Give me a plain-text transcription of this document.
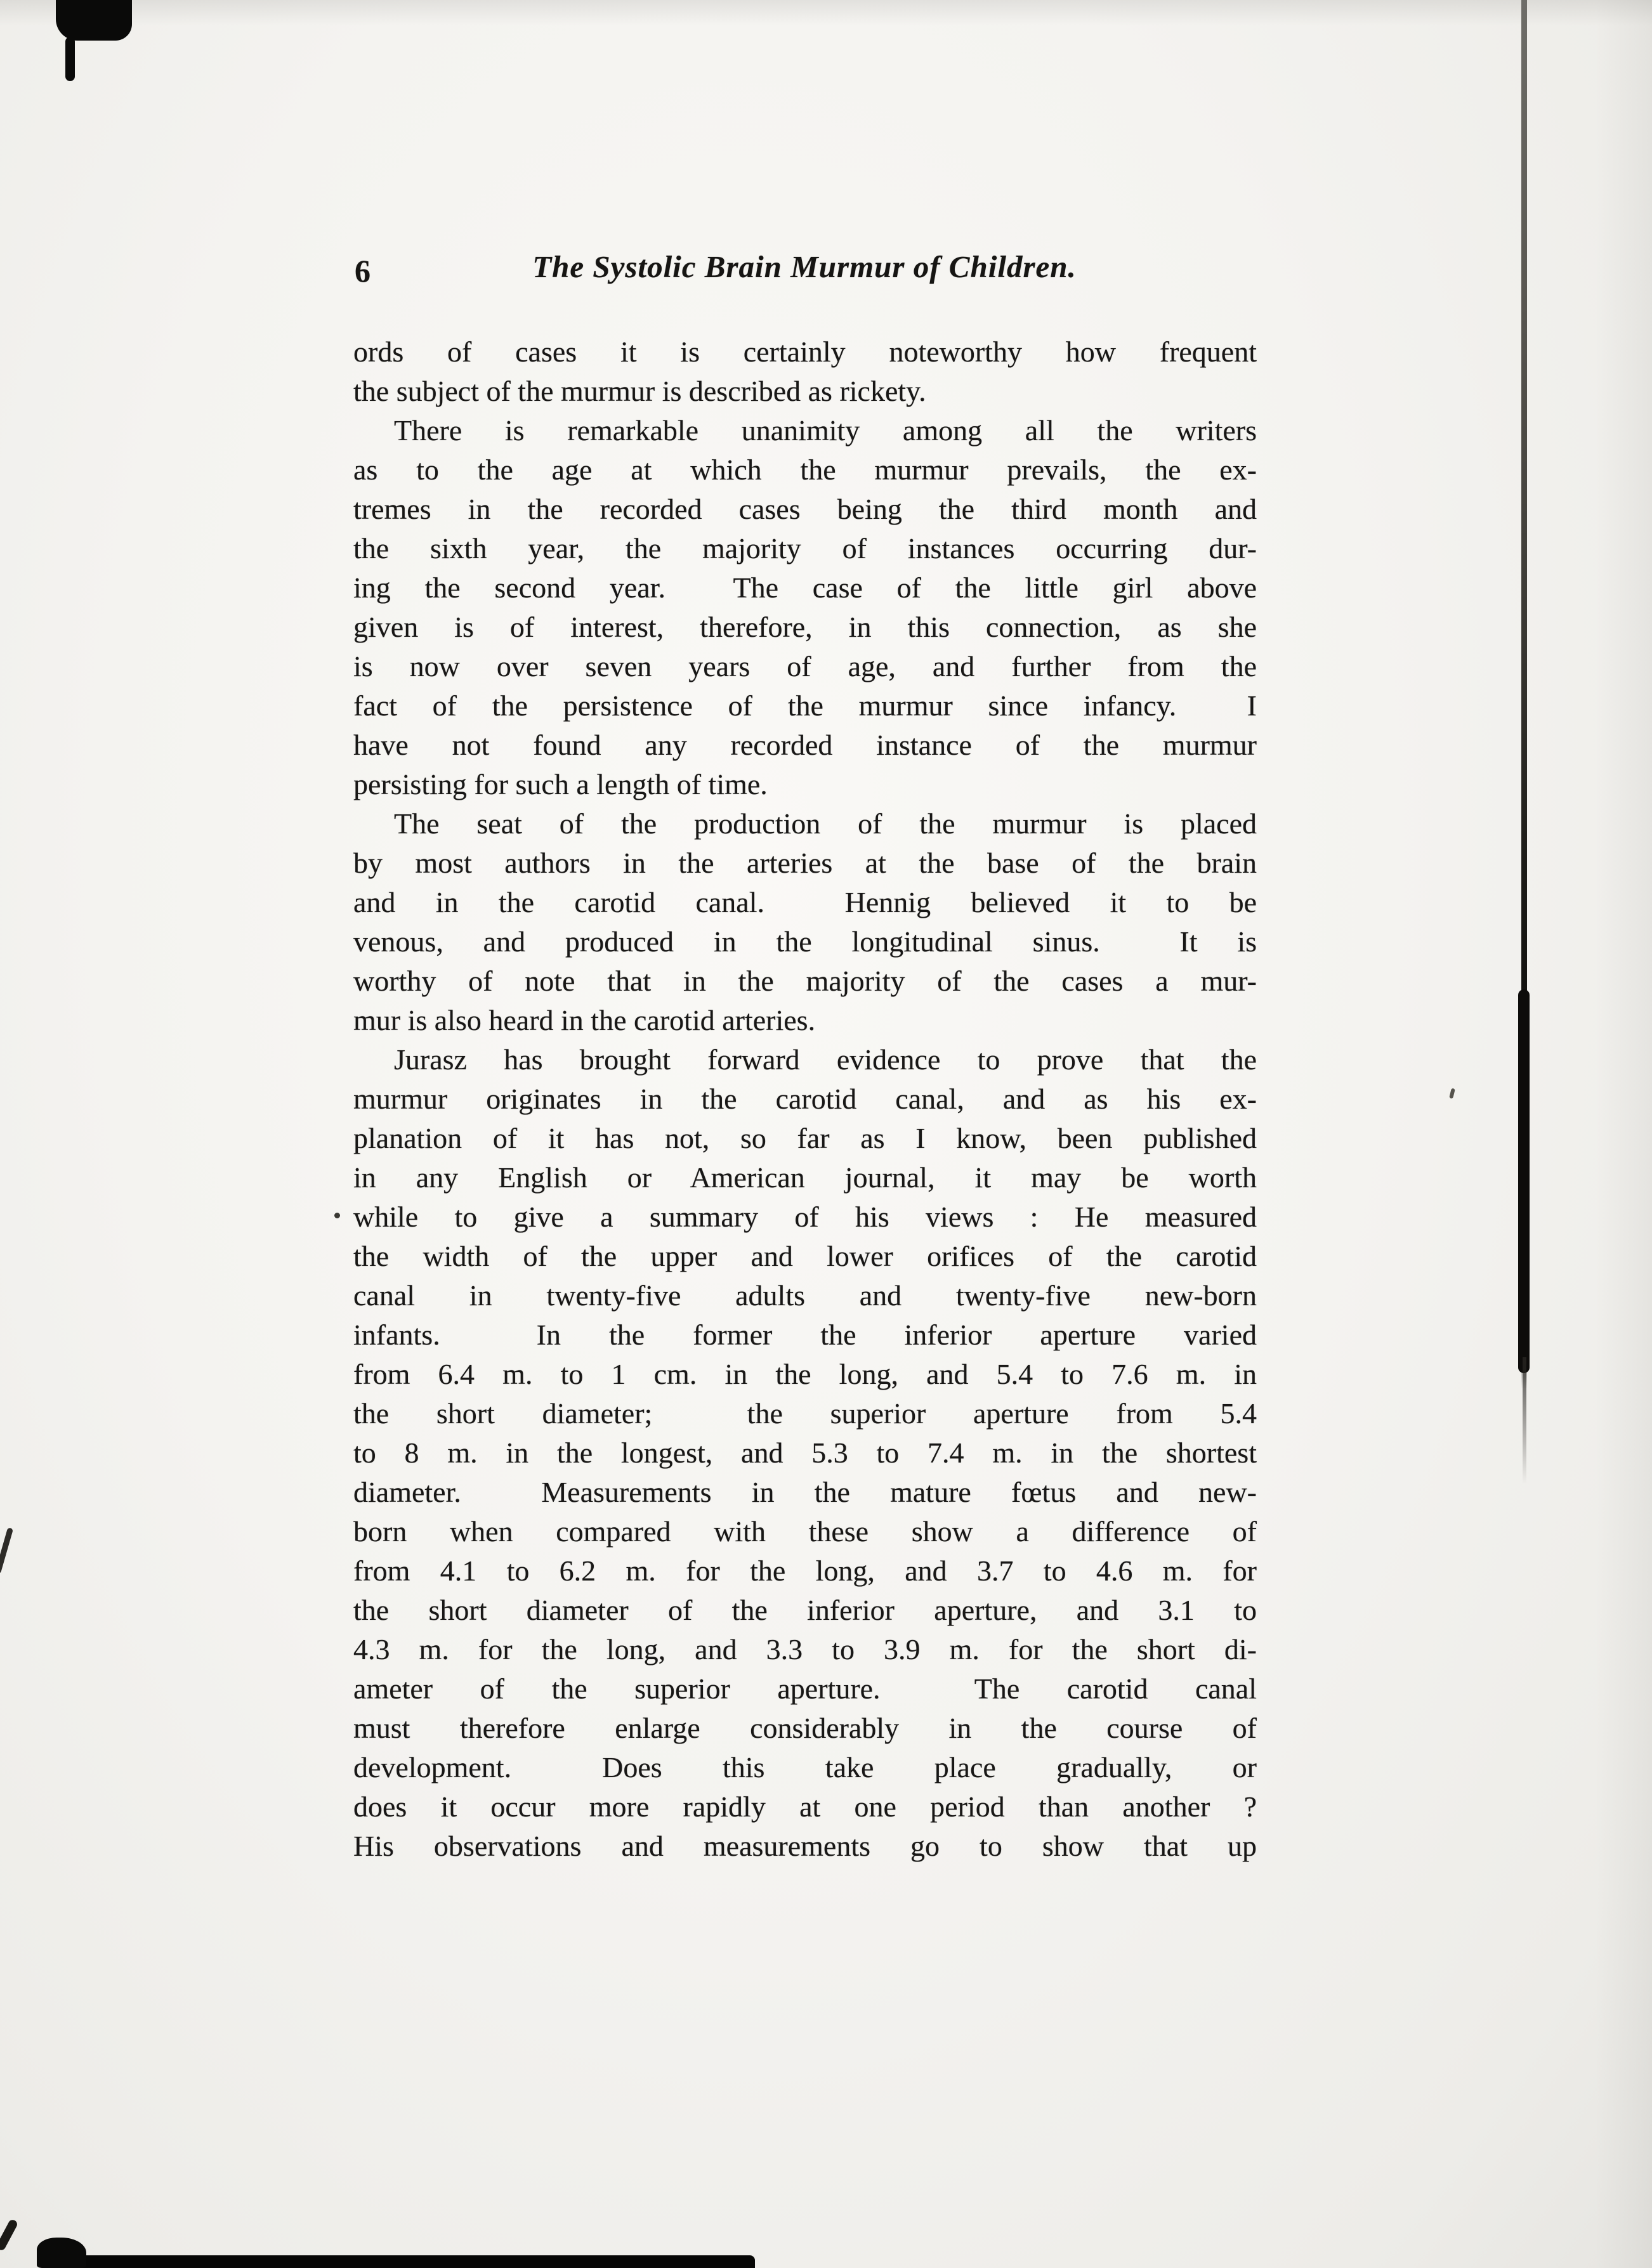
6	The Systolic Brain Murmur of Children.
ords of cases it is certainly noteworthy how frequent
the subject of the murmur is described as rickety.
There is remarkable unanimity among all the writers
as to the age at which the murmur prevails, the ex-
tremes in the recorded cases being the third month and
the sixth year, the majority of instances occurring dur-
ing the second year.  The case of the little girl above
given is of interest, therefore, in this connection, as she
is now over seven years of age, and further from the
fact of the persistence of the murmur since infancy.  I
have not found any recorded instance of the murmur
persisting for such a length of time.
The seat of the production of the murmur is placed
by most authors in the arteries at the base of the brain
and in the carotid canal.  Hennig believed it to be
venous, and produced in the longitudinal sinus.  It is
worthy of note that in the majority of the cases a mur-
mur is also heard in the carotid arteries.
Jurasz has brought forward evidence to prove that the
murmur originates in the carotid canal, and as his ex-
planation of it has not, so far as I know, been published
in any English or American journal, it may be worth
while to give a summary of his views : He measured
the width of the upper and lower orifices of the carotid
canal in twenty-five adults and twenty-five new-born
infants.  In the former the inferior aperture varied
from 6.4 m. to 1 cm. in the long, and 5.4 to 7.6 m. in
the short diameter;  the superior aperture from 5.4
to 8 m. in the longest, and 5.3 to 7.4 m. in the shortest
diameter.  Measurements in the mature fœtus and new-
born when compared with these show a difference of
from 4.1 to 6.2 m. for the long, and 3.7 to 4.6 m. for
the short diameter of the inferior aperture, and 3.1 to
4.3 m. for the long, and 3.3 to 3.9 m. for the short di-
ameter of the superior aperture.  The carotid canal
must therefore enlarge considerably in the course of
development.   Does  this  take  place  gradually,  or
does it occur more rapidly at one period than another ?
His observations and measurements go to show that up
